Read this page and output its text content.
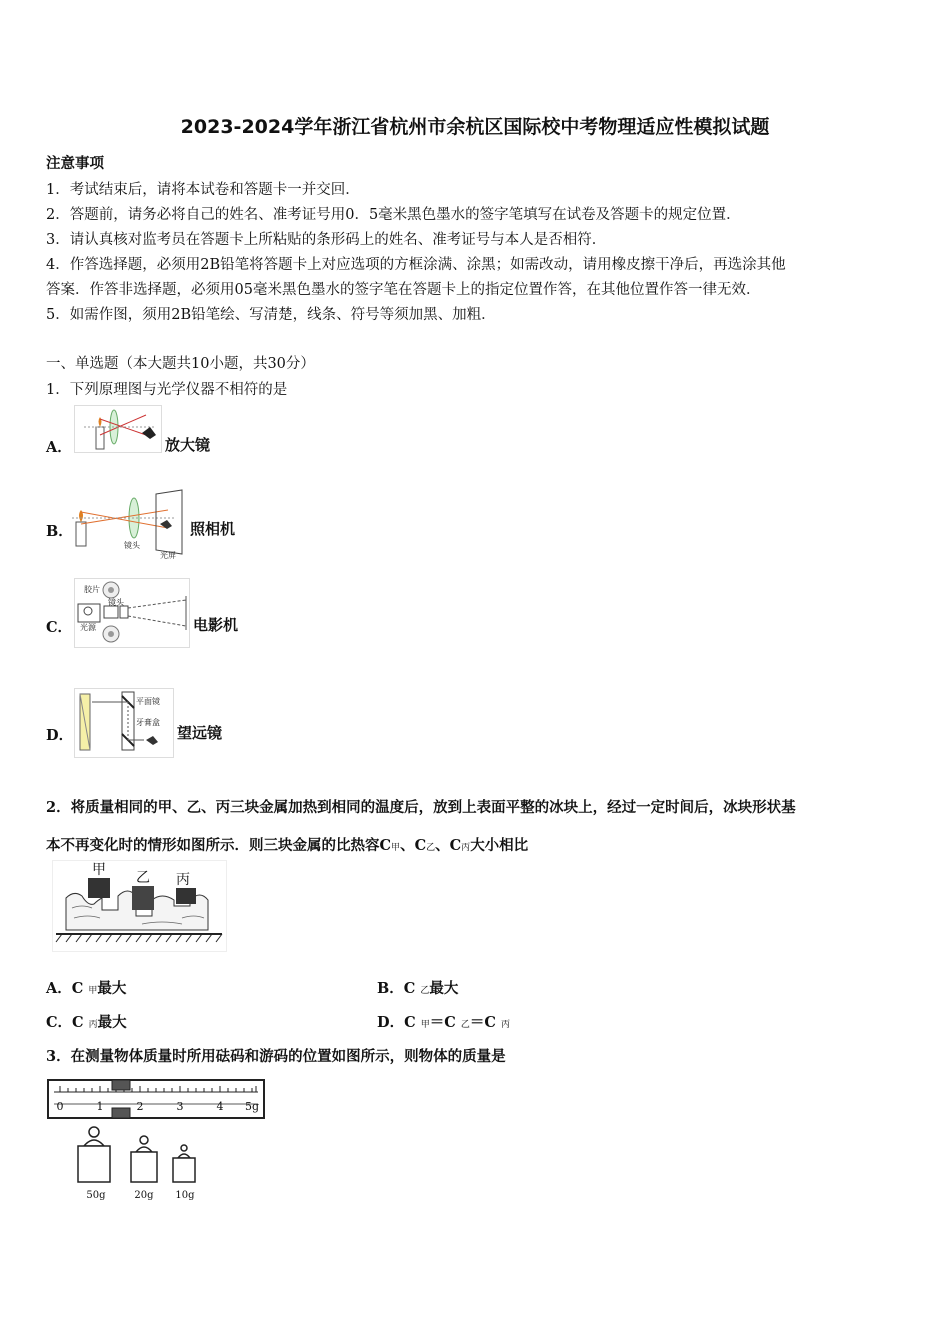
2023-2024学年浙江省杭州市余杭区国际校中考物理适应性模拟试题
注意事项
1．考试结束后，请将本试卷和答题卡一并交回．
2．答题前，请务必将自己的姓名、准考证号用0．5毫米黑色墨水的签字笔填写在试卷及答题卡的规定位置．
3．请认真核对监考员在答题卡上所粘贴的条形码上的姓名、准考证号与本人是否相符．
4．作答选择题，必须用2B铅笔将答题卡上对应选项的方框涂满、涂黑；如需改动，请用橡皮擦干净后，再选涂其他
答案．作答非选择题，必须用05毫米黑色墨水的签字笔在答题卡上的指定位置作答，在其他位置作答一律无效．
5．如需作图，须用2B铅笔绘、写清楚，线条、符号等须加黑、加粗．
一、单选题（本大题共10小题，共30分）
1．下列原理图与光学仪器不相符的是
A．	放大镜
B．
镜头
光屏
照相机
C．
胶片
镜头
光源	电影机
D．
平面镜
牙膏盒
望远镜
2．将质量相同的甲、乙、丙三块金属加热到相同的温度后，放到上表面平整的冰块上，经过一定时间后，冰块形状基
本不再变化时的情形如图所示．则三块金属的比热容C甲、C乙、C丙大小相比
甲 乙 丙
A．C 甲最大	B．C 乙最大
C．C 丙最大	D．C 甲＝C 乙＝C 丙
3．在测量物体质量时所用砝码和游码的位置如图所示，则物体的质量是
0	1	2	3	4 5g
50g	20g 10g
